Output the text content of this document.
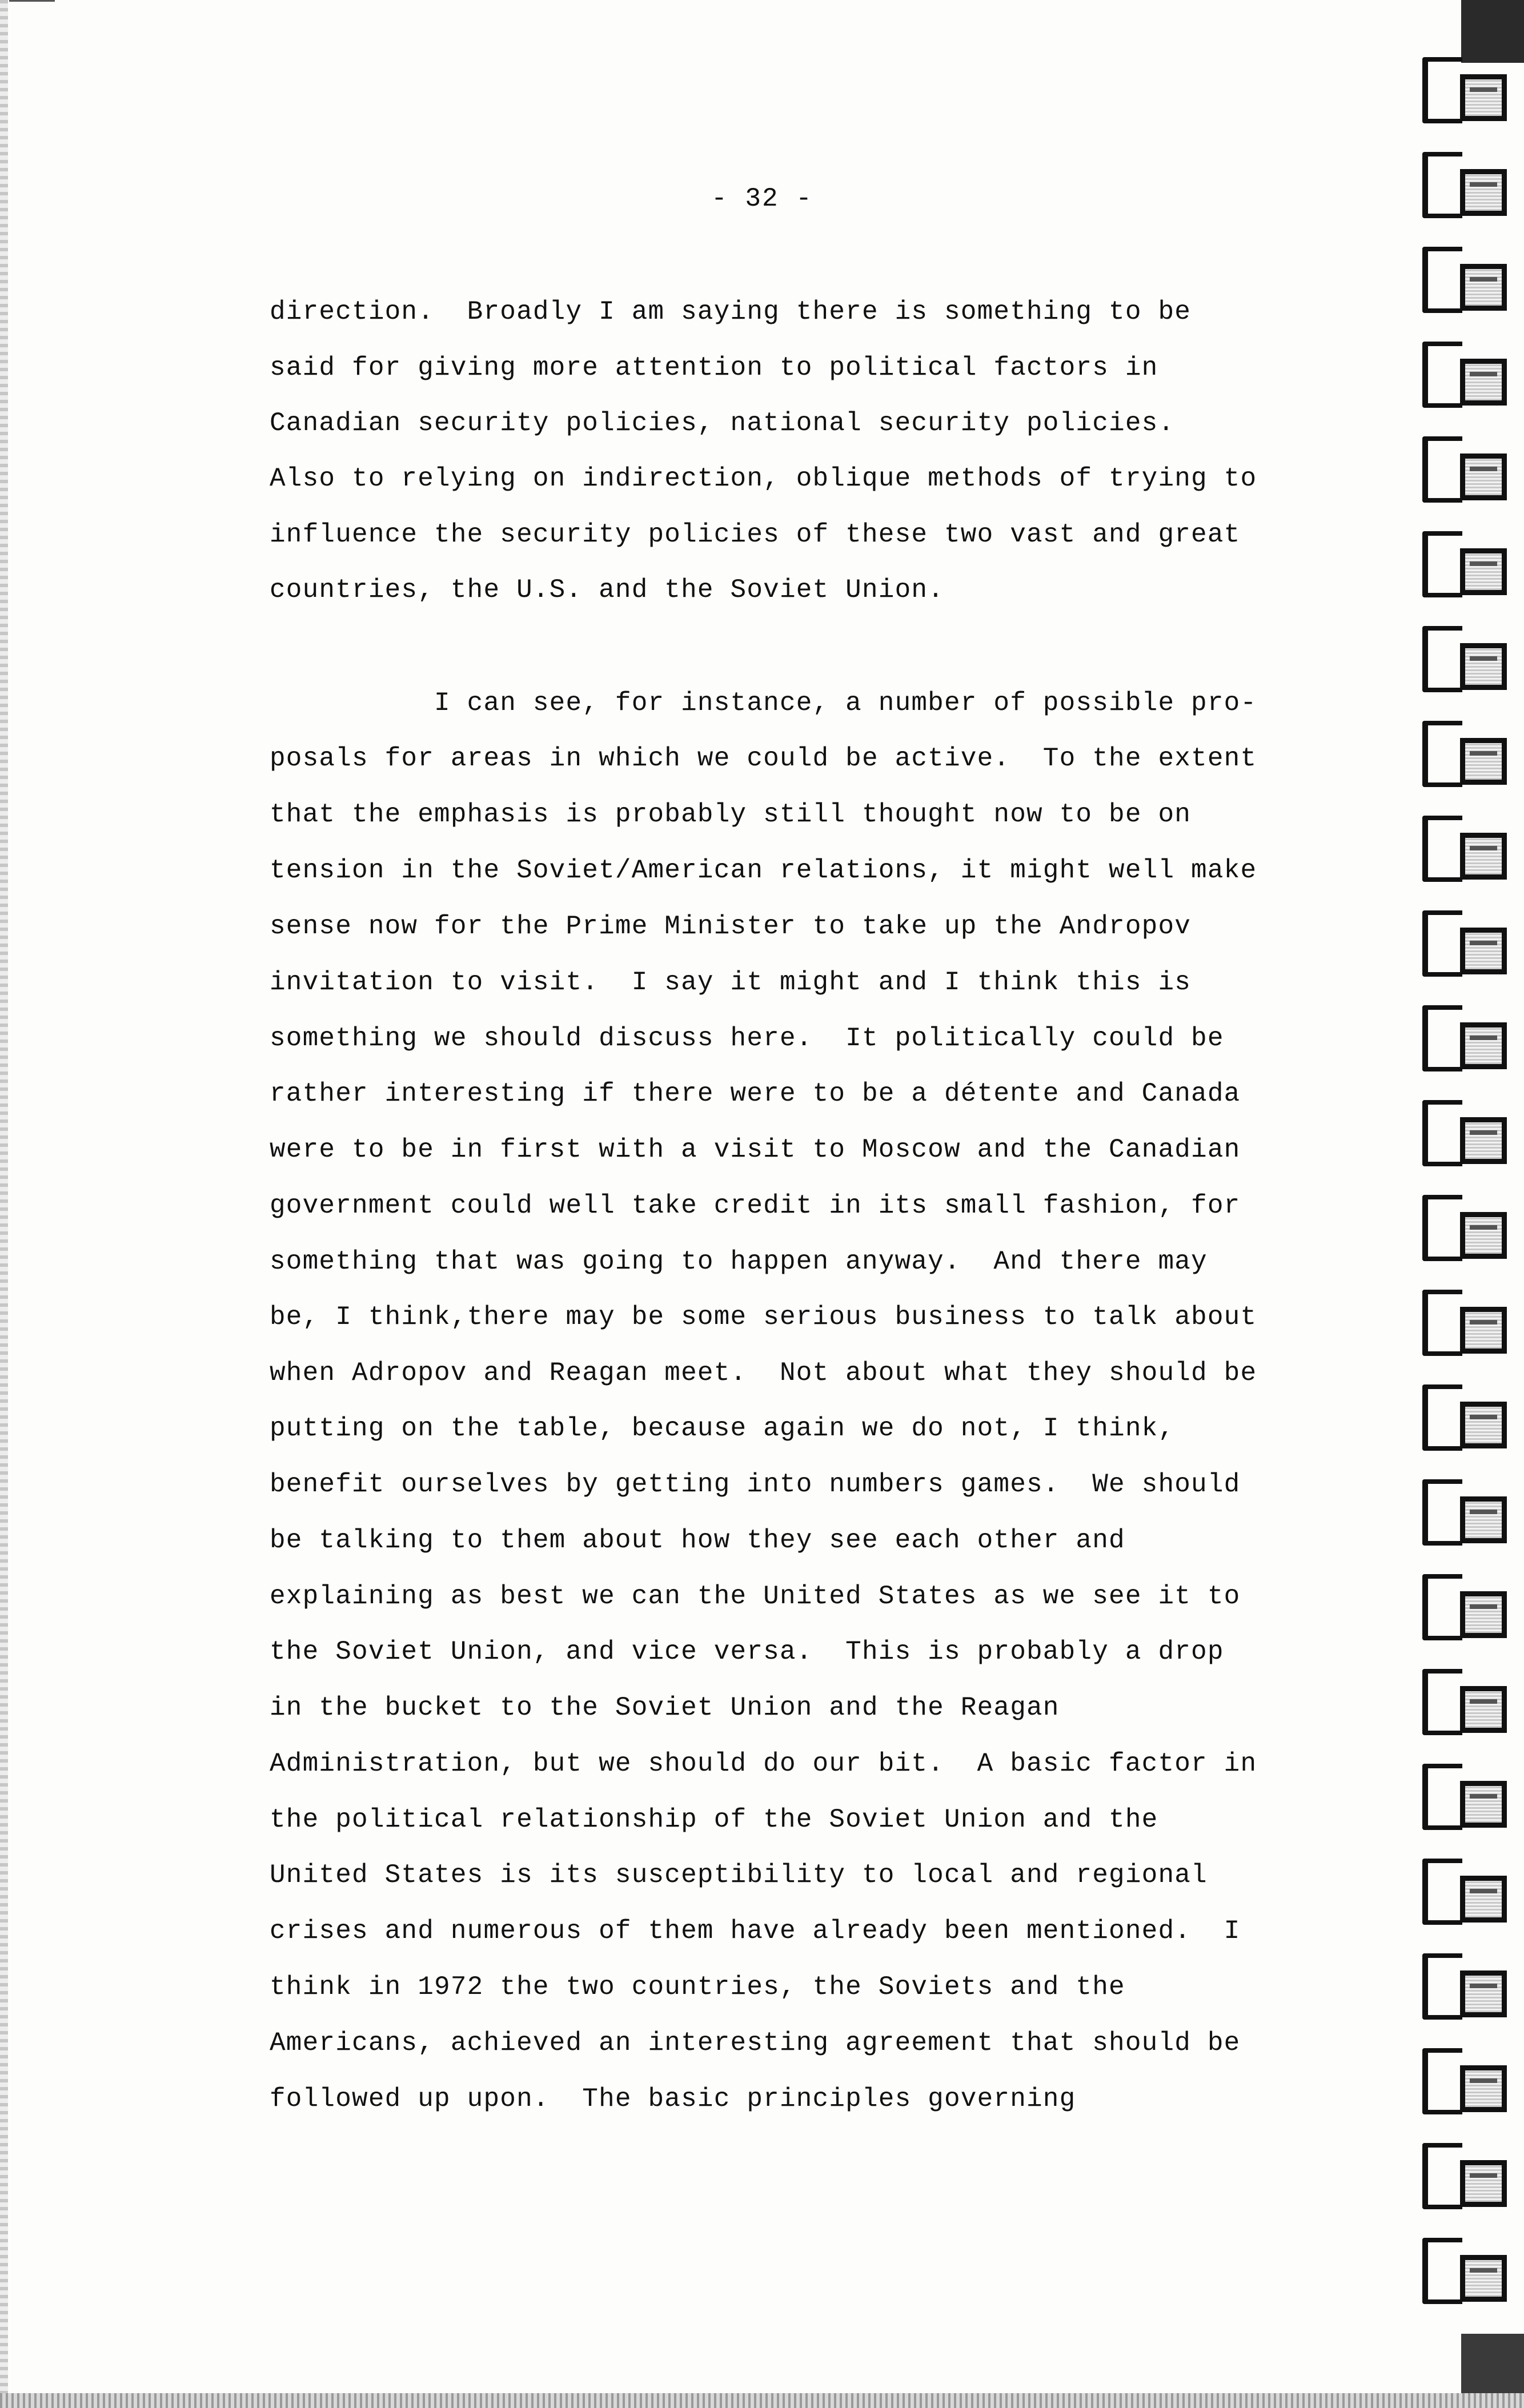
- 32 -
direction.  Broadly I am saying there is something to be
said for giving more attention to political factors in
Canadian security policies, national security policies.
Also to relying on indirection, oblique methods of trying to
influence the security policies of these two vast and great
countries, the U.S. and the Soviet Union.
I can see, for instance, a number of possible pro-
posals for areas in which we could be active.  To the extent
that the emphasis is probably still thought now to be on
tension in the Soviet/American relations, it might well make
sense now for the Prime Minister to take up the Andropov
invitation to visit.  I say it might and I think this is
something we should discuss here.  It politically could be
rather interesting if there were to be a détente and Canada
were to be in first with a visit to Moscow and the Canadian
government could well take credit in its small fashion, for
something that was going to happen anyway.  And there may
be, I think,there may be some serious business to talk about
when Adropov and Reagan meet.  Not about what they should be
putting on the table, because again we do not, I think,
benefit ourselves by getting into numbers games.  We should
be talking to them about how they see each other and
explaining as best we can the United States as we see it to
the Soviet Union, and vice versa.  This is probably a drop
in the bucket to the Soviet Union and the Reagan
Administration, but we should do our bit.  A basic factor in
the political relationship of the Soviet Union and the
United States is its susceptibility to local and regional
crises and numerous of them have already been mentioned.  I
think in 1972 the two countries, the Soviets and the
Americans, achieved an interesting agreement that should be
followed up upon.  The basic principles governing
